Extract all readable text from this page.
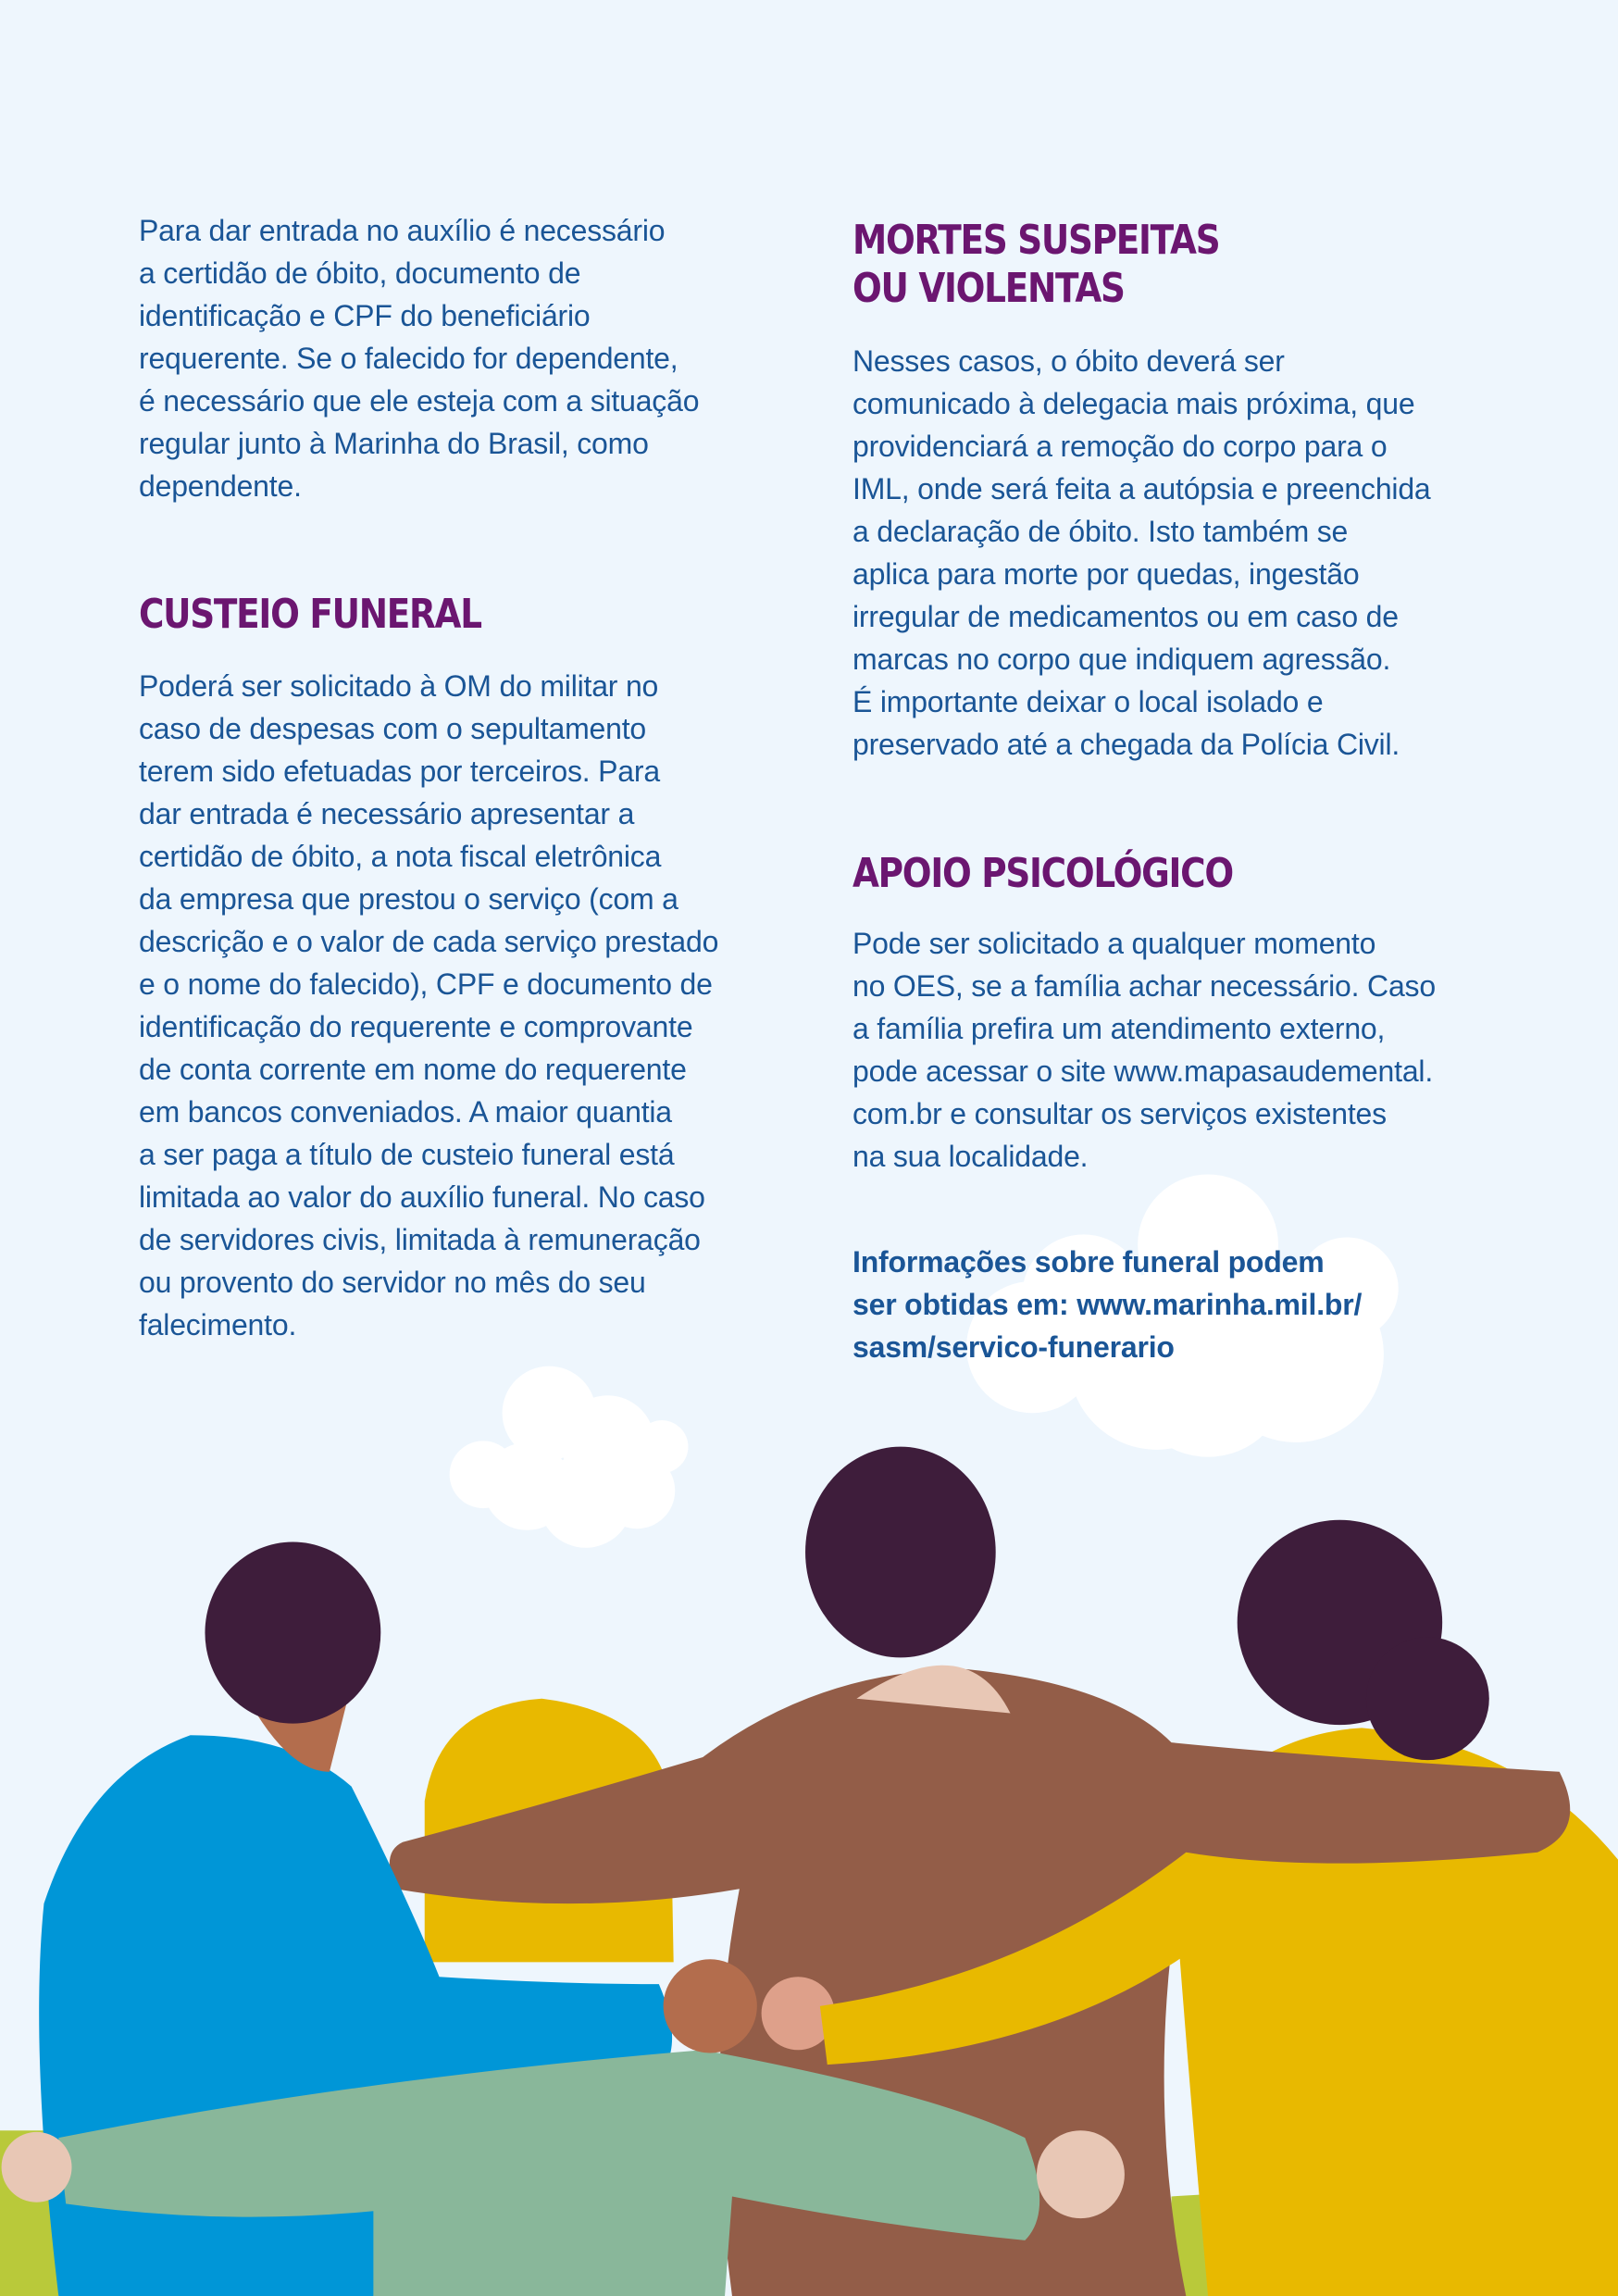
Para dar entrada no auxílio é necessário
a certidão de óbito, documento de
identificação e CPF do beneficiário
requerente. Se o falecido for dependente,
é necessário que ele esteja com a situação
regular junto à Marinha do Brasil, como
dependente.
CUSTEIO FUNERAL
Poderá ser solicitado à OM do militar no
caso de despesas com o sepultamento
terem sido efetuadas por terceiros. Para
dar entrada é necessário apresentar a
certidão de óbito, a nota fiscal eletrônica
da empresa que prestou o serviço (com a
descrição e o valor de cada serviço prestado
e o nome do falecido), CPF e documento de
identificação do requerente e comprovante
de conta corrente em nome do requerente
em bancos conveniados. A maior quantia
a ser paga a título de custeio funeral está
limitada ao valor do auxílio funeral. No caso
de servidores civis, limitada à remuneração
ou provento do servidor no mês do seu
falecimento.
MORTES SUSPEITAS
OU VIOLENTAS
Nesses casos, o óbito deverá ser
comunicado à delegacia mais próxima, que
providenciará a remoção do corpo para o
IML, onde será feita a autópsia e preenchida
a declaração de óbito. Isto também se
aplica para morte por quedas, ingestão
irregular de medicamentos ou em caso de
marcas no corpo que indiquem agressão.
É importante deixar o local isolado e
preservado até a chegada da Polícia Civil.
APOIO PSICOLÓGICO
Pode ser solicitado a qualquer momento
no OES, se a família achar necessário. Caso
a família prefira um atendimento externo,
pode acessar o site www.mapasaudemental.
com.br e consultar os serviços existentes
na sua localidade.
Informações sobre funeral podem
ser obtidas em: www.marinha.mil.br/
sasm/servico-funerario
